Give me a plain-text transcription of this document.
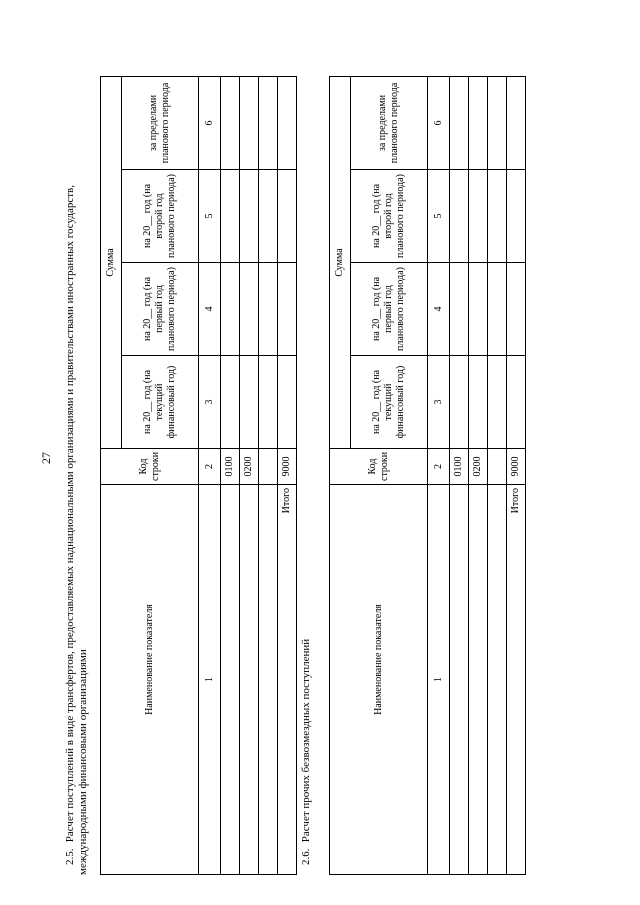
27
2.5. Расчет поступлений в виде трансфертов, предоставляемых наднациональными организациями и правительствами иностранных государств,
международными финансовыми организациями	Наименование показателя	Код строки	Сумма			
		на 20__ год (на текущий финансовый год)	на 20__ год (на первый год планового периода)	на 20__ год (на второй год планового периода)	за пределами планового периода
1	2	3	4	5	6
	0100				
	0200				

Итого	9000				
2.6. Расчет прочих безвозмездных поступлений	Наименование показателя	Код строки	Сумма			
		на 20__ год (на текущий финансовый год)	на 20__ год (на первый год планового периода)	на 20__ год (на второй год планового периода)	за пределами планового периода
1	2	3	4	5	6
	0100				
	0200				

Итого	9000				
